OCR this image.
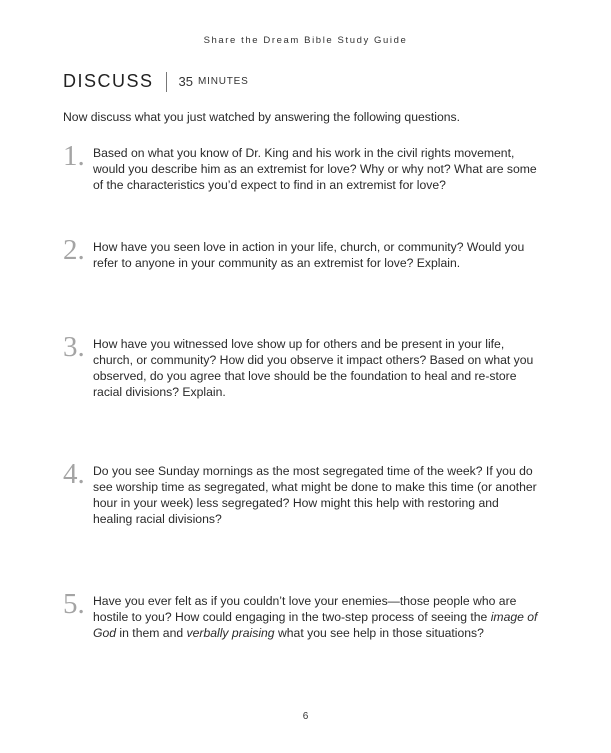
Share the Dream Bible Study Guide
DISCUSS 35 MINUTES
Now discuss what you just watched by answering the following questions.
1. Based on what you know of Dr. King and his work in the civil rights movement, would you describe him as an extremist for love? Why or why not? What are some of the characteristics you’d expect to find in an extremist for love?
2. How have you seen love in action in your life, church, or community? Would you refer to anyone in your community as an extremist for love? Explain.
3. How have you witnessed love show up for others and be present in your life, church, or community? How did you observe it impact others? Based on what you observed, do you agree that love should be the foundation to heal and re-store racial divisions? Explain.
4. Do you see Sunday mornings as the most segregated time of the week? If you do see worship time as segregated, what might be done to make this time (or another hour in your week) less segregated? How might this help with restoring and healing racial divisions?
5. Have you ever felt as if you couldn’t love your enemies—those people who are hostile to you? How could engaging in the two-step process of seeing the image of God in them and verbally praising what you see help in those situations?
6
